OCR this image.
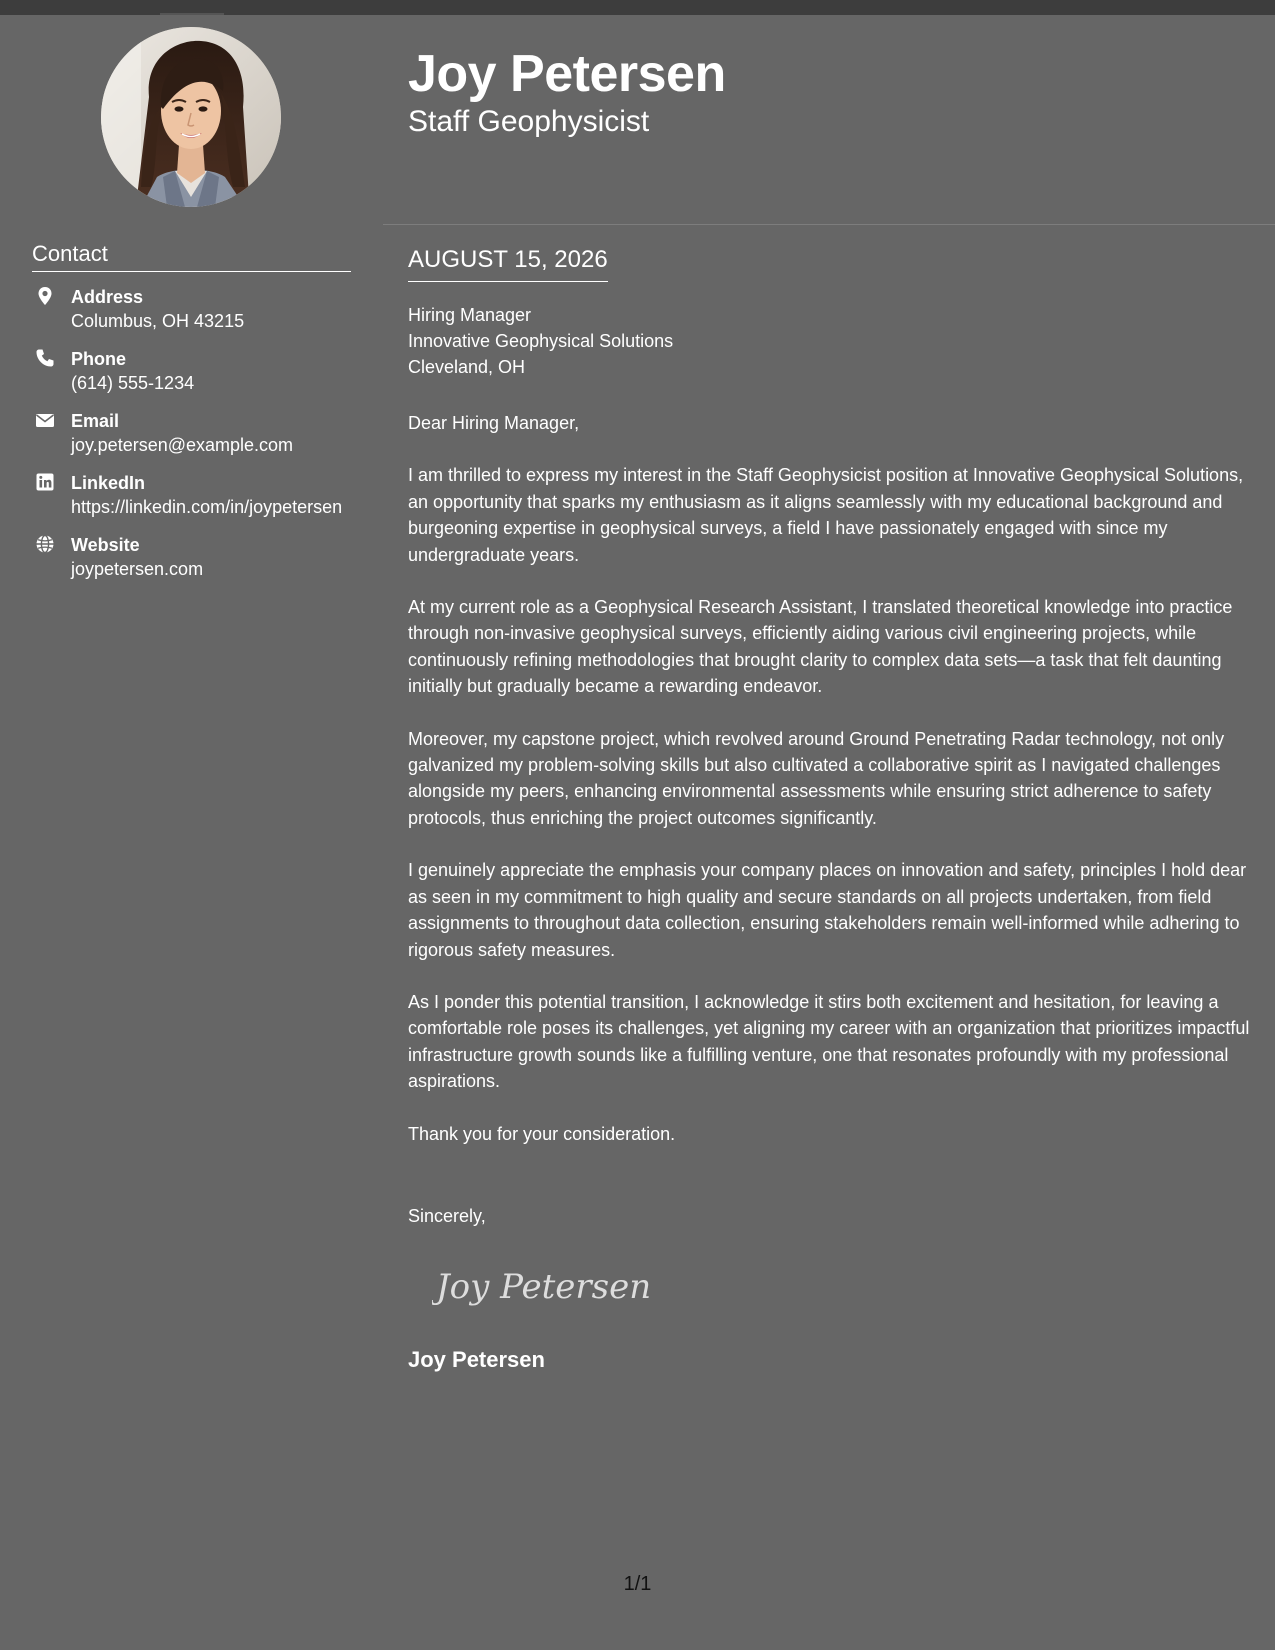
Contact
Address
Columbus, OH 43215
Phone
(614) 555-1234
Email
joy.petersen@example.com
LinkedIn
https://linkedin.com/in/joypetersen
Website
joypetersen.com
Joy Petersen
Staff Geophysicist
AUGUST 15, 2026
Hiring Manager
Innovative Geophysical Solutions
Cleveland, OH

Dear Hiring Manager,

I am thrilled to express my interest in the Staff Geophysicist position at Innovative Geophysical Solutions, an opportunity that sparks my enthusiasm as it aligns seamlessly with my educational background and burgeoning expertise in geophysical surveys, a field I have passionately engaged with since my undergraduate years.

At my current role as a Geophysical Research Assistant, I translated theoretical knowledge into practice through non-invasive geophysical surveys, efficiently aiding various civil engineering projects, while continuously refining methodologies that brought clarity to complex data sets—a task that felt daunting initially but gradually became a rewarding endeavor.

Moreover, my capstone project, which revolved around Ground Penetrating Radar technology, not only galvanized my problem-solving skills but also cultivated a collaborative spirit as I navigated challenges alongside my peers, enhancing environmental assessments while ensuring strict adherence to safety protocols, thus enriching the project outcomes significantly.

I genuinely appreciate the emphasis your company places on innovation and safety, principles I hold dear as seen in my commitment to high quality and secure standards on all projects undertaken, from field assignments to throughout data collection, ensuring stakeholders remain well-informed while adhering to rigorous safety measures.

As I ponder this potential transition, I acknowledge it stirs both excitement and hesitation, for leaving a comfortable role poses its challenges, yet aligning my career with an organization that prioritizes impactful infrastructure growth sounds like a fulfilling venture, one that resonates profoundly with my professional aspirations.

Thank you for your consideration.

Sincerely,
Joy Petersen
Joy Petersen
1/1
